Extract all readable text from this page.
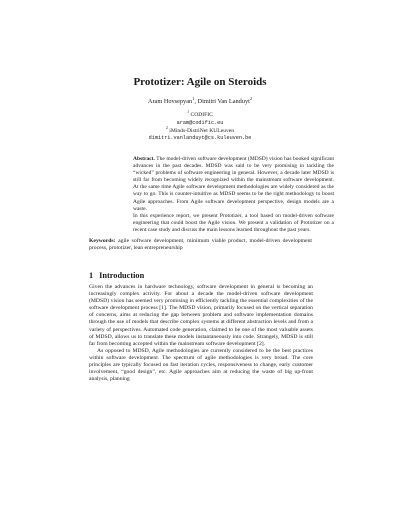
Prototizer: Agile on Steroids
Aram Hovsepyan$^1$, Dimitri Van Landuyt$^2$
$^1$ CODIFIC
aram@codific.eu
$^2$ iMinds-DistriNet KULeuven
dimitri.vanlanduyt@cs.kuleuven.be

Abstract. The model-driven software development (MDSD) vision has booked significant advances in the past decades. MDSD was said to be very promising in tackling the “wicked” problems of software engineering in general. However, a decade later MDSD is still far from becoming widely recognized within the mainstream software development. At the same time Agile software development methodologies are widely considered as the way to go. This is counter-intuitive as MDSD seems to be the right methodology to boost Agile approaches. From Agile software development perspective, design models are a waste.

In this experience report, we present Prototizer, a tool based on model-driven software engineering that could boost the Agile vision. We present a validation of Prototizer on a recent case study and discuss the main lessons learned throughout the past years.

Keywords: agile software development, minimum viable product, model-driven development process, prototizer, lean entrepreneurship
1 Introduction

Given the advances in hardware technology, software development in general is becoming an increasingly complex activity. For about a decade the model-driven software development (MDSD) vision has seemed very promising in efficiently tackling the essential complexities of the software development process [1]. The MDSD vision, primarily focused on the vertical separation of concerns, aims at reducing the gap between problem and software implementation domains through the use of models that describe complex systems at different abstraction levels and from a variety of perspectives. Automated code generation, claimed to be one of the most valuable assets of MDSD, allows us to translate these models instantaneously into code. Strangely, MDSD is still far from becoming accepted within the mainstream software development [2].

As opposed to MDSD, Agile methodologies are currently considered to be the best practices within software development. The spectrum of agile methodologies is very broad. The core principles are typically focused on fast iteration cycles, responsiveness to change, early customer involvement, “good design”, etc. Agile approaches aim at reducing the waste of big up-front analysis, planning
